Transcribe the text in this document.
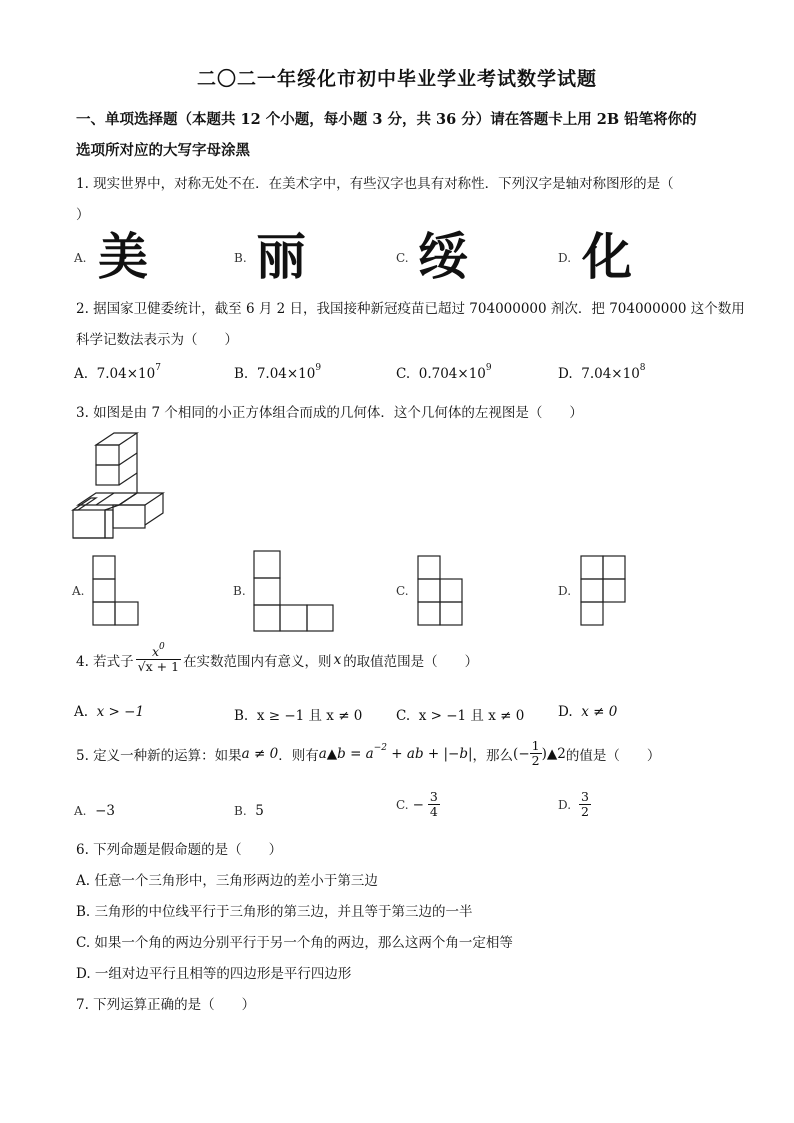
二〇二一年绥化市初中毕业学业考试数学试题
一、单项选择题（本题共 12 个小题，每小题 3 分，共 36 分）请在答题卡上用 2B 铅笔将你的
选项所对应的大写字母涂黑
1. 现实世界中，对称无处不在．在美术字中，有些汉字也具有对称性．下列汉字是轴对称图形的是（
）
A. 美	B. 丽	C. 绥	D. 化
2. 据国家卫健委统计，截至 6 月 2 日，我国接种新冠疫苗已超过 704000000 剂次．把 704000000 这个数用
科学记数法表示为（　　）
A. $7.04\times 10^7$	B. $7.04\times 10^9$	C. $0.704\times 10^9$	D. $7.04\times 10^8$
3. 如图是由 7 个相同的小正方体组合而成的几何体．这个几何体的左视图是（　　）
A.	B.	C.	D.
4. 若式子 $\frac{x^0}{√x + 1}$ 在实数范围内有意义，则 x 的取值范围是（　　）
A. x > −1	B. x ≥ −1 且 x ≠ 0 C. x > −1 且 x ≠ 0 D. x ≠ 0
5. 定义一种新的运算：如果 a ≠ 0 ．则有 a▲b = $a^{-2}$ + ab + |−b| ，那么 (− $\frac{1}{2}$ )▲2 的值是（　　）
A. −3	B. 5	C. − $\frac{3}{4}$	D. $\frac{3}{2}$
6. 下列命题是假命题的是（　　）
A. 任意一个三角形中，三角形两边的差小于第三边
B. 三角形的中位线平行于三角形的第三边，并且等于第三边的一半
C. 如果一个角的两边分别平行于另一个角的两边，那么这两个角一定相等
D. 一组对边平行且相等的四边形是平行四边形
7. 下列运算正确的是（　　）
